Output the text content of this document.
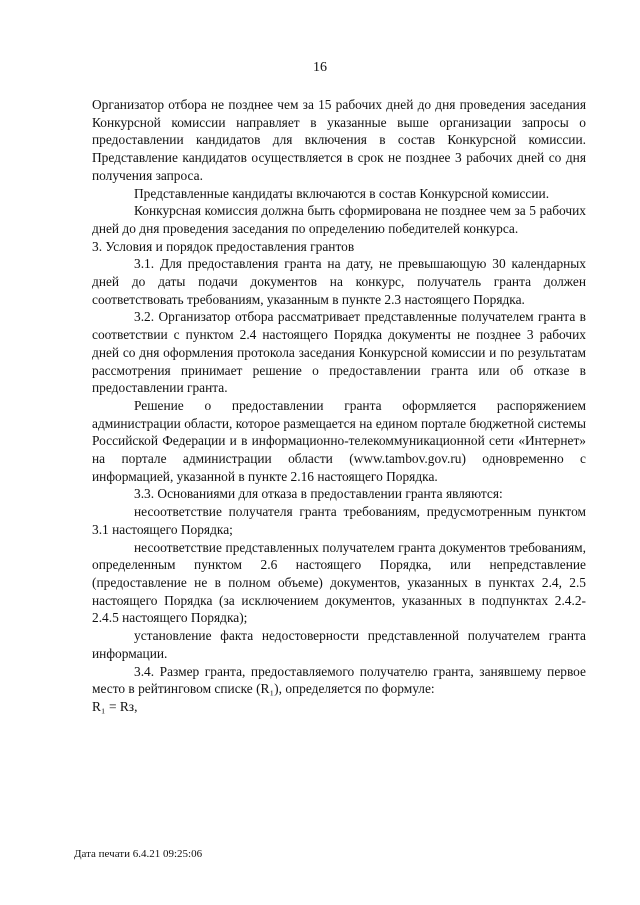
16

Организатор отбора не позднее чем за 15 рабочих дней до дня проведения заседания Конкурсной комиссии направляет в указанные выше организации запросы о предоставлении кандидатов для включения в состав Конкурсной комиссии. Представление кандидатов осуществляется в срок не позднее 3 рабочих дней со дня получения запроса.

Представленные кандидаты включаются в состав Конкурсной комиссии.

Конкурсная комиссия должна быть сформирована не позднее чем за 5 рабочих дней до дня проведения заседания по определению победителей конкурса.

3. Условия и порядок предоставления грантов

3.1. Для предоставления гранта на дату, не превышающую 30 календарных дней до даты подачи документов на конкурс, получатель гранта должен соответствовать требованиям, указанным в пункте 2.3 настоящего Порядка.

3.2. Организатор отбора рассматривает представленные получателем гранта в соответствии с пунктом 2.4 настоящего Порядка документы не позднее 3 рабочих дней со дня оформления протокола заседания Конкурсной комиссии и по результатам рассмотрения принимает решение о предоставлении гранта или об отказе в предоставлении гранта.

Решение о предоставлении гранта оформляется распоряжением администрации области, которое размещается на едином портале бюджетной системы Российской Федерации и в информационно-телекоммуникационной сети «Интернет» на портале администрации области (www.tambov.gov.ru) одновременно с информацией, указанной в пункте 2.16 настоящего Порядка.

3.3. Основаниями для отказа в предоставлении гранта являются:

несоответствие получателя гранта требованиям, предусмотренным пунктом 3.1 настоящего Порядка;

несоответствие представленных получателем гранта документов требованиям, определенным пунктом 2.6 настоящего Порядка, или непредставление (предоставление не в полном объеме) документов, указанных в пунктах 2.4, 2.5 настоящего Порядка (за исключением документов, указанных в подпунктах 2.4.2-2.4.5 настоящего Порядка);

установление факта недостоверности представленной получателем гранта информации.

3.4. Размер гранта, предоставляемого получателю гранта, занявшему первое место в рейтинговом списке (R₁), определяется по формуле:

R₁ = Rз,

Дата печати 6.4.21 09:25:06
